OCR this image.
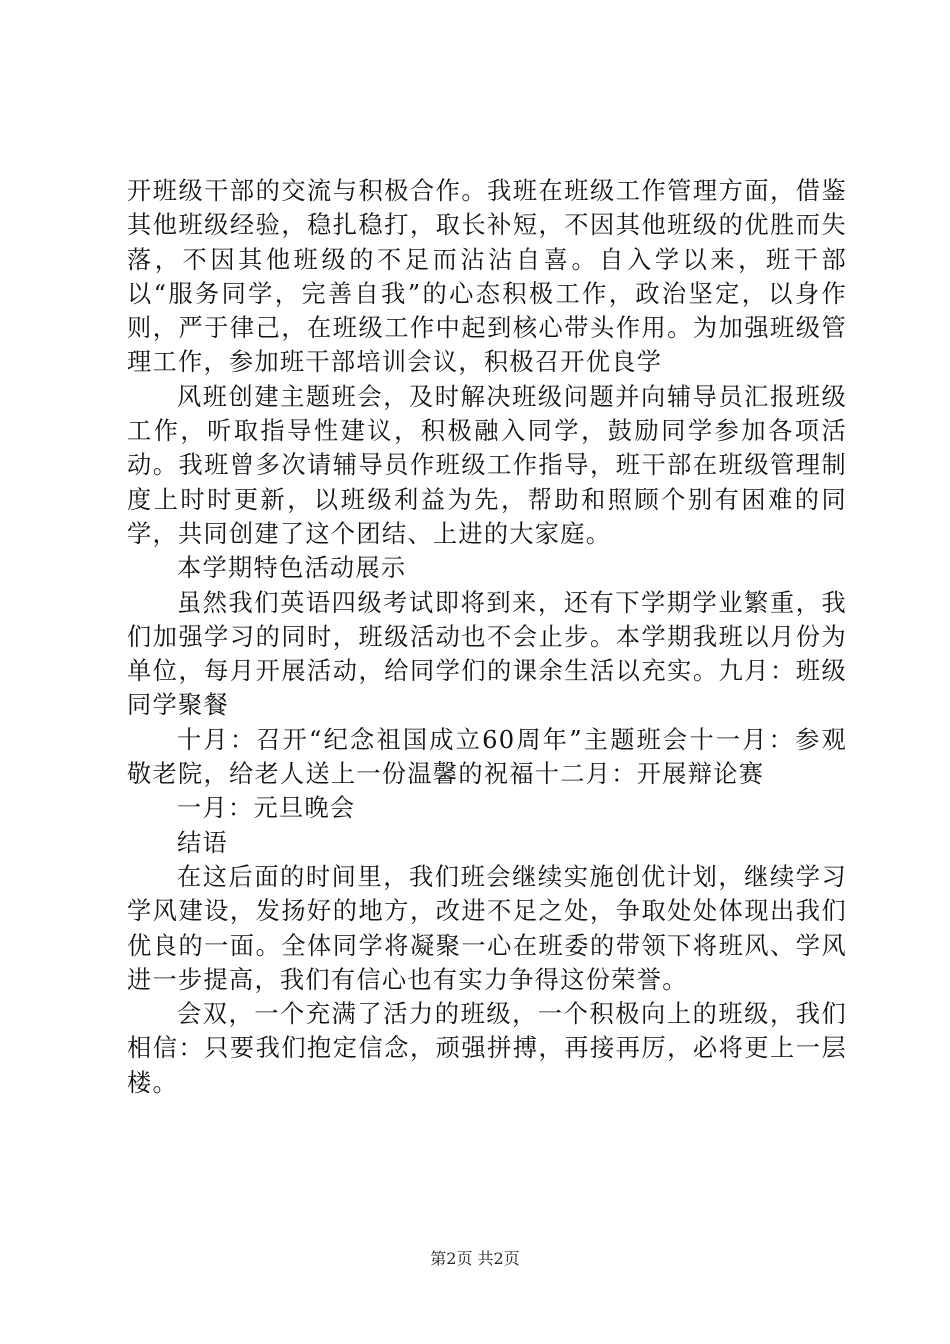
开班级干部的交流与积极合作。我班在班级工作管理方面，借鉴其他班级经验，稳扎稳打，取长补短，不因其他班级的优胜而失落，不因其他班级的不足而沾沾自喜。自入学以来，班干部以“服务同学，完善自我”的心态积极工作，政治坚定，以身作则，严于律己，在班级工作中起到核心带头作用。为加强班级管理工作，参加班干部培训会议，积极召开优良学

风班创建主题班会，及时解决班级问题并向辅导员汇报班级工作，听取指导性建议，积极融入同学，鼓励同学参加各项活动。我班曾多次请辅导员作班级工作指导，班干部在班级管理制度上时时更新，以班级利益为先，帮助和照顾个别有困难的同学，共同创建了这个团结、上进的大家庭。

本学期特色活动展示

虽然我们英语四级考试即将到来，还有下学期学业繁重，我们加强学习的同时，班级活动也不会止步。本学期我班以月份为单位，每月开展活动，给同学们的课余生活以充实。九月：班级同学聚餐

十月：召开“纪念祖国成立60周年”主题班会十一月：参观敬老院，给老人送上一份温馨的祝福十二月：开展辩论赛

一月：元旦晚会

结语

在这后面的时间里，我们班会继续实施创优计划，继续学习学风建设，发扬好的地方，改进不足之处，争取处处体现出我们优良的一面。全体同学将凝聚一心在班委的带领下将班风、学风进一步提高，我们有信心也有实力争得这份荣誉。

会双，一个充满了活力的班级，一个积极向上的班级，我们相信：只要我们抱定信念，顽强拼搏，再接再厉，必将更上一层楼。

第2页 共2页
